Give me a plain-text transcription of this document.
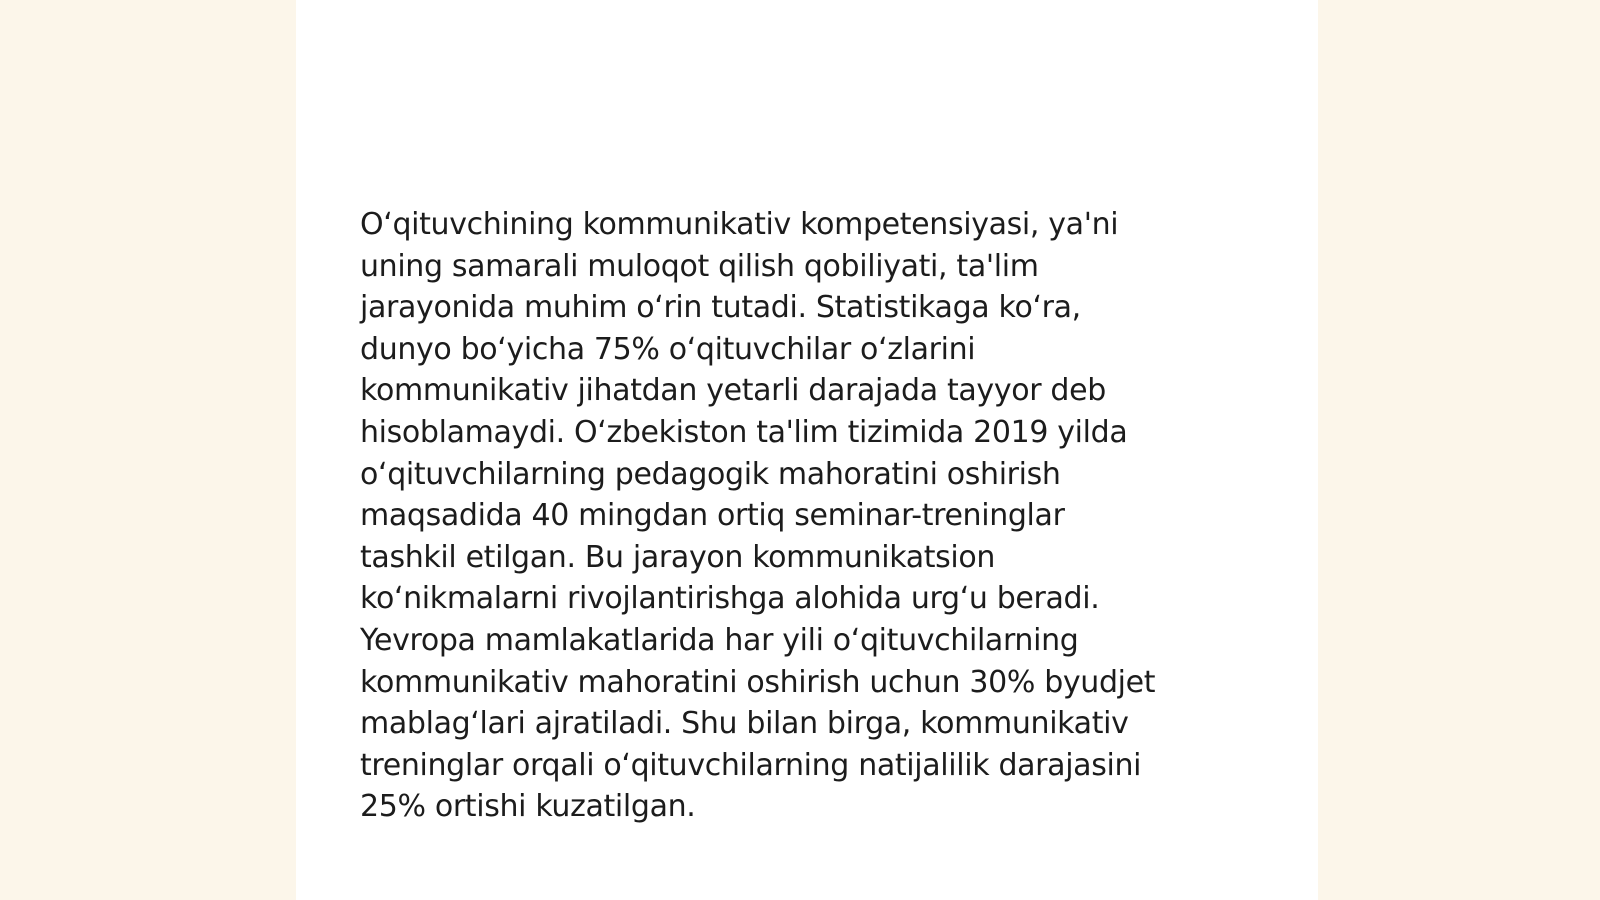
O‘qituvchining kommunikativ kompetensiyasi, ya'ni
uning samarali muloqot qilish qobiliyati, ta'lim
jarayonida muhim o‘rin tutadi. Statistikaga ko‘ra,
dunyo bo‘yicha 75% o‘qituvchilar o‘zlarini
kommunikativ jihatdan yetarli darajada tayyor deb
hisoblamaydi. O‘zbekiston ta'lim tizimida 2019 yilda
o‘qituvchilarning pedagogik mahoratini oshirish
maqsadida 40 mingdan ortiq seminar-treninglar
tashkil etilgan. Bu jarayon kommunikatsion
ko‘nikmalarni rivojlantirishga alohida urg‘u beradi.
Yevropa mamlakatlarida har yili o‘qituvchilarning
kommunikativ mahoratini oshirish uchun 30% byudjet
mablag‘lari ajratiladi. Shu bilan birga, kommunikativ
treninglar orqali o‘qituvchilarning natijalilik darajasini
25% ortishi kuzatilgan.
